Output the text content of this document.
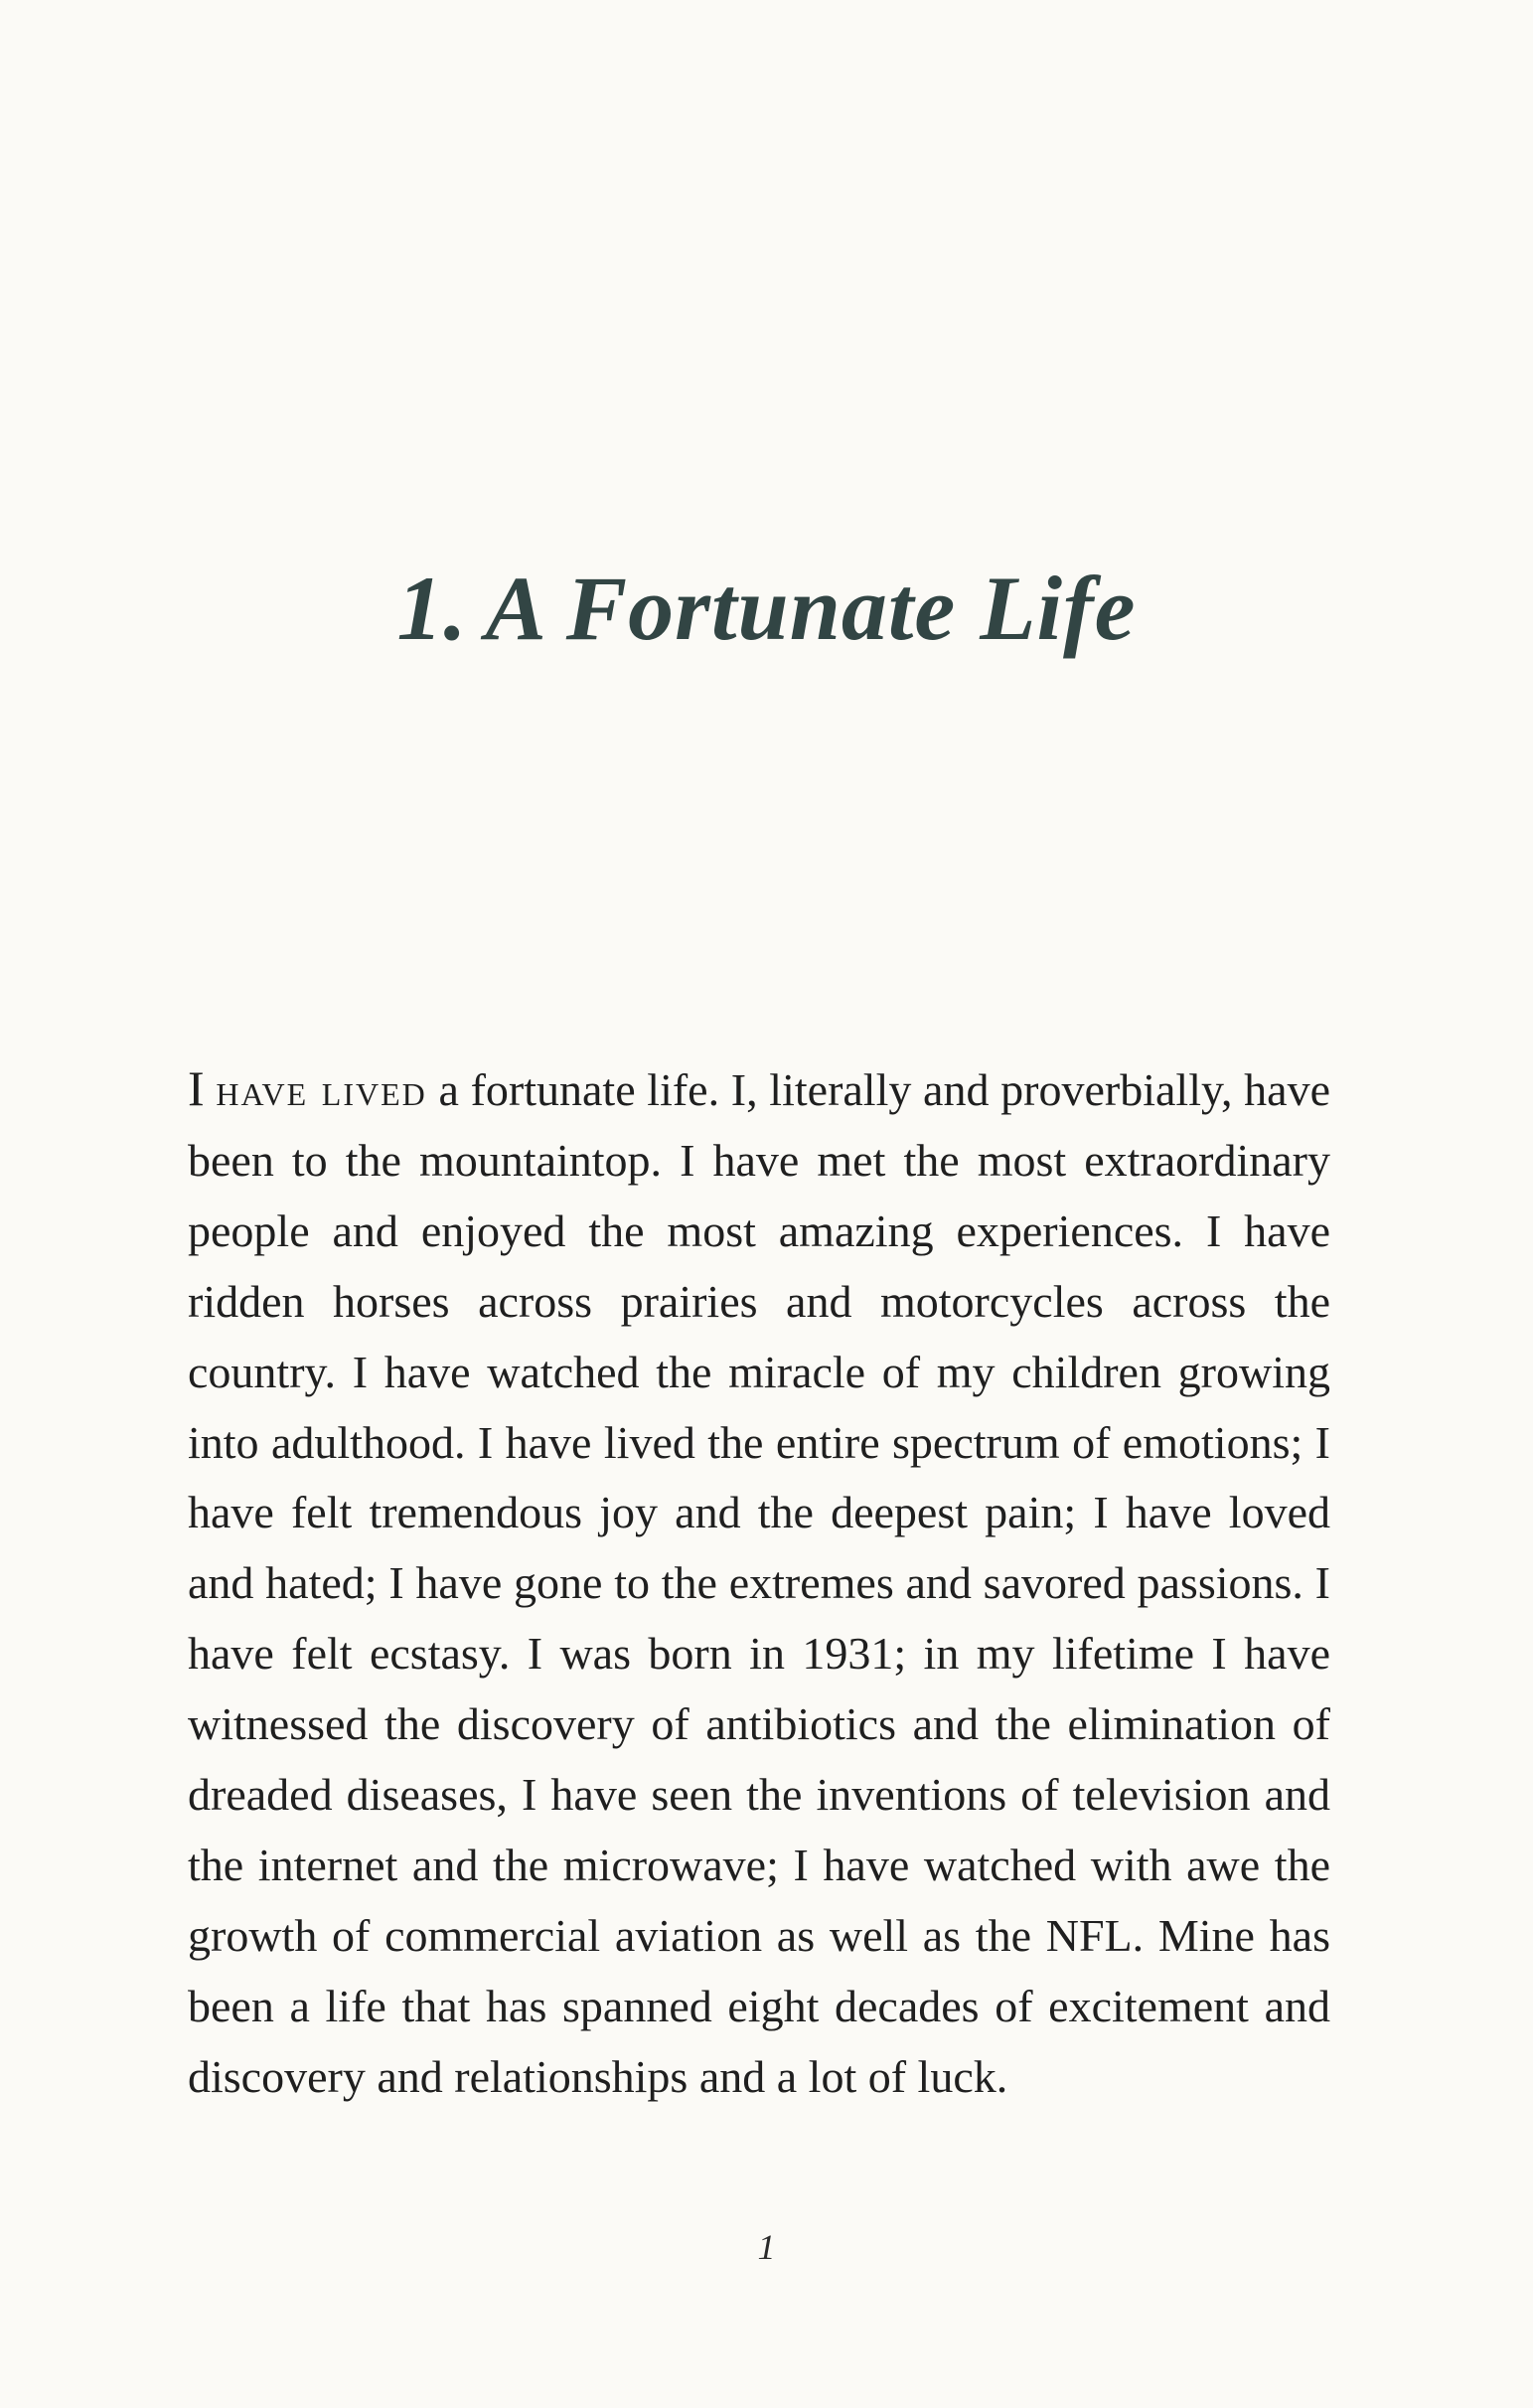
1. A Fortunate Life

I have lived a fortunate life. I, literally and proverbially, have been to the mountaintop. I have met the most extraordinary people and enjoyed the most amazing experiences. I have ridden horses across prairies and motorcycles across the country. I have watched the miracle of my children growing into adulthood. I have lived the entire spectrum of emotions; I have felt tremendous joy and the deepest pain; I have loved and hated; I have gone to the extremes and savored passions. I have felt ecstasy. I was born in 1931; in my lifetime I have witnessed the discovery of antibiotics and the elimination of dreaded diseases, I have seen the inventions of television and the internet and the microwave; I have watched with awe the growth of commercial aviation as well as the NFL. Mine has been a life that has spanned eight decades of excitement and discovery and relationships and a lot of luck.

1
